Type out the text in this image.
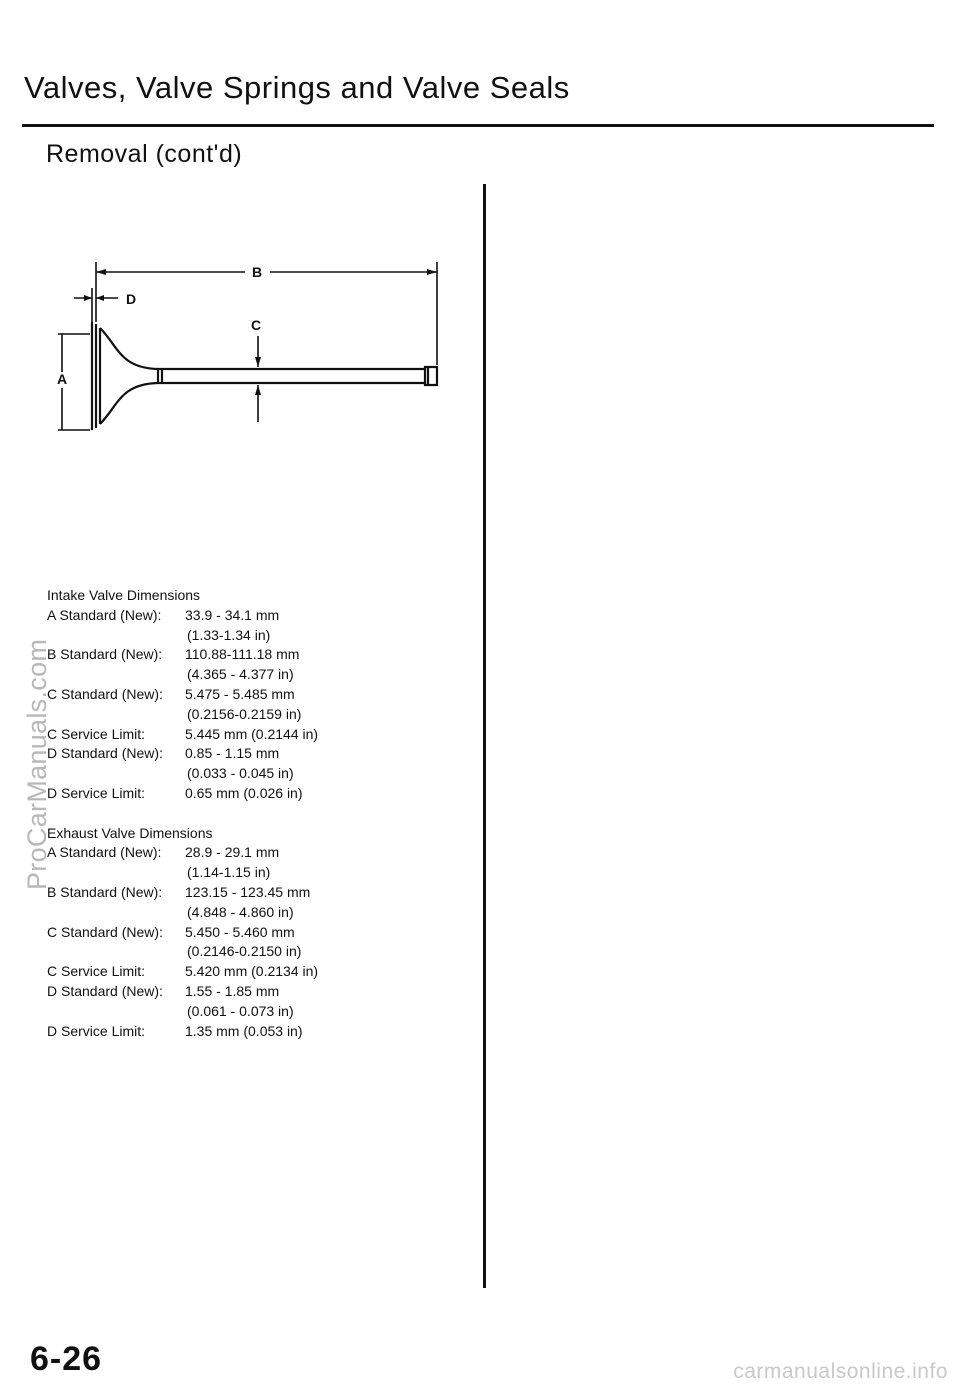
Valves, Valve Springs and Valve Seals
Removal (cont'd)
A
B
C
D
Intake Valve Dimensions
A Standard (New): 33.9 - 34.1 mm
(1.33-1.34 in)
B Standard (New): 110.88-111.18 mm
(4.365 - 4.377 in)
C Standard (New): 5.475 - 5.485 mm
(0.2156-0.2159 in)
C Service Limit:	5.445 mm (0.2144 in)
D Standard (New): 0.85 - 1.15 mm
(0.033 - 0.045 in)
D Service Limit:	0.65 mm (0.026 in)
Exhaust Valve Dimensions
A Standard (New): 28.9 - 29.1 mm
(1.14-1.15 in)
B Standard (New): 123.15 - 123.45 mm
(4.848 - 4.860 in)
C Standard (New): 5.450 - 5.460 mm
(0.2146-0.2150 in)
C Service Limit:	5.420 mm (0.2134 in)
D Standard (New): 1.55 - 1.85 mm
(0.061 - 0.073 in)
D Service Limit:	1.35 mm (0.053 in)
ProCarManuals.com
6-26	carmanualsonline.info
